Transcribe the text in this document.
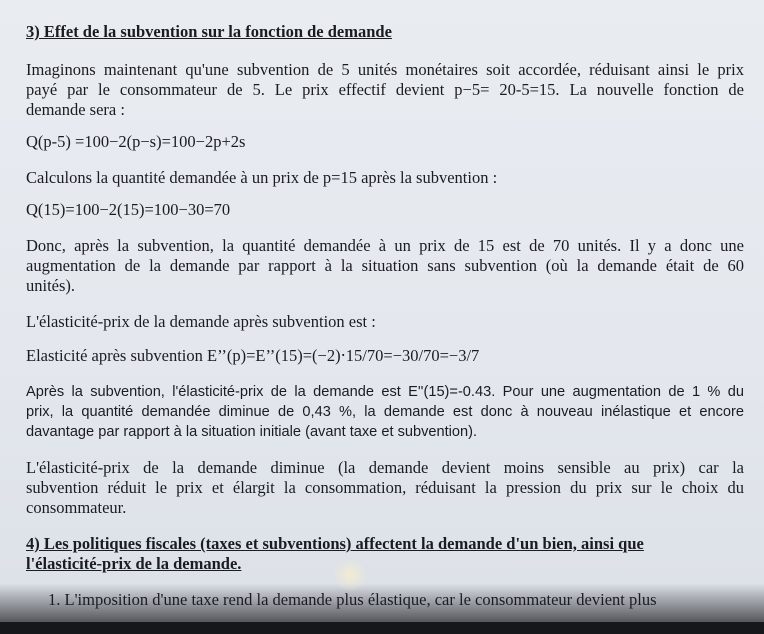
3) Effet de la subvention sur la fonction de demande
Imaginons maintenant qu'une subvention de 5 unités monétaires soit accordée, réduisant ainsi le prix
payé par le consommateur de 5. Le prix effectif devient p−5= 20-5=15. La nouvelle fonction de
demande sera :
Q(p-5) =100−2(p−s)=100−2p+2s
Calculons la quantité demandée à un prix de p=15 après la subvention :
Q(15)=100−2(15)=100−30=70
Donc, après la subvention, la quantité demandée à un prix de 15 est de 70 unités. Il y a donc une
augmentation de la demande par rapport à la situation sans subvention (où la demande était de 60
unités).
L'élasticité-prix de la demande après subvention est :
Elasticité après subvention E’’(p)=E’’(15)=(−2)⋅15/70=−30/70=−3/7
Après la subvention, l'élasticité-prix de la demande est E''(15)=-0.43. Pour une augmentation de 1 % du
prix, la quantité demandée diminue de 0,43 %, la demande est donc à nouveau inélastique et encore
davantage par rapport à la situation initiale (avant taxe et subvention).
L'élasticité-prix de la demande diminue (la demande devient moins sensible au prix) car la
subvention réduit le prix et élargit la consommation, réduisant la pression du prix sur le choix du
consommateur.
4) Les politiques fiscales (taxes et subventions) affectent la demande d'un bien, ainsi que
l'élasticité-prix de la demande.
1. L'imposition d'une taxe rend la demande plus élastique, car le consommateur devient plus
